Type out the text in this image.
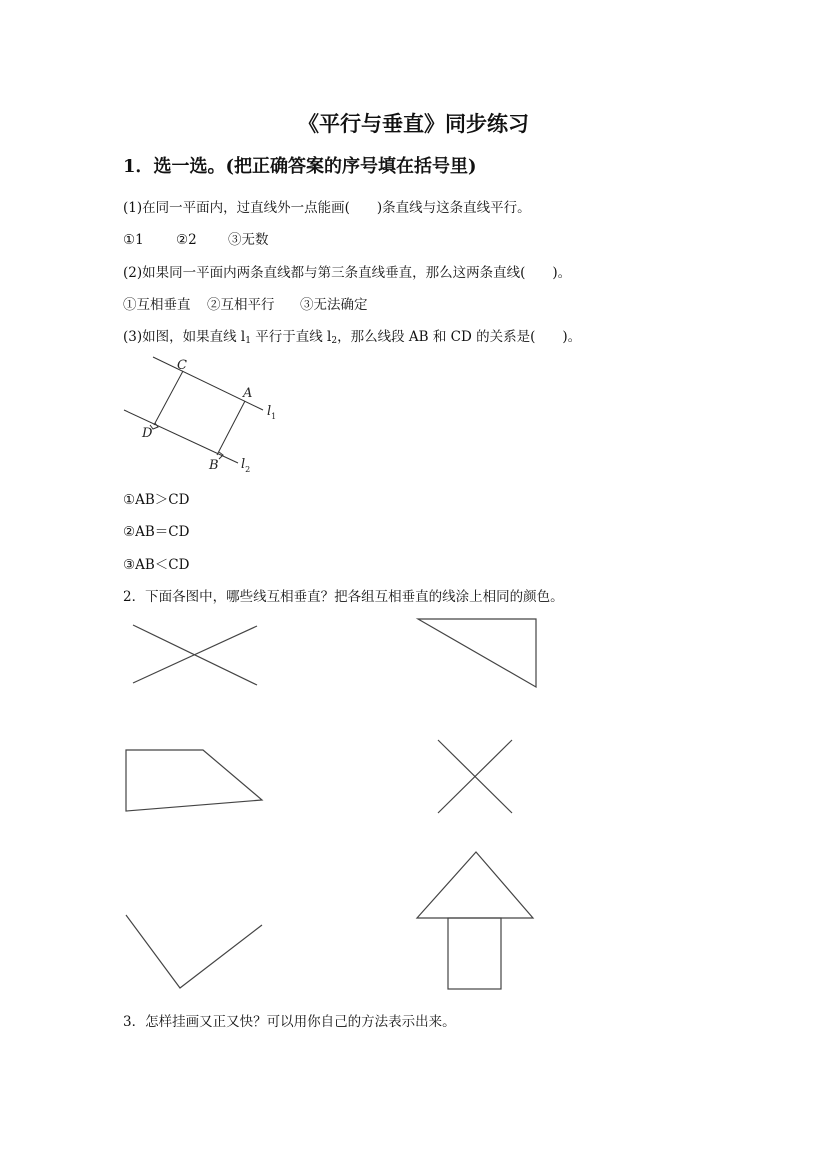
《平行与垂直》同步练习
1．选一选。(把正确答案的序号填在括号里)
(1)在同一平面内，过直线外一点能画(　　)条直线与这条直线平行。
①1 ②2 ③无数
(2)如果同一平面内两条直线都与第三条直线垂直，那么这两条直线(　　)。
①互相垂直 ②互相平行 ③无法确定
(3)如图，如果直线 $l_1$ 平行于直线 $l_2$，那么线段 AB 和 CD 的关系是(　　)。
C
A
D
B
$l_1$
$l_2$
①AB＞CD
②AB＝CD
③AB＜CD
2．下面各图中，哪些线互相垂直？把各组互相垂直的线涂上相同的颜色。
3．怎样挂画又正又快？可以用你自己的方法表示出来。
